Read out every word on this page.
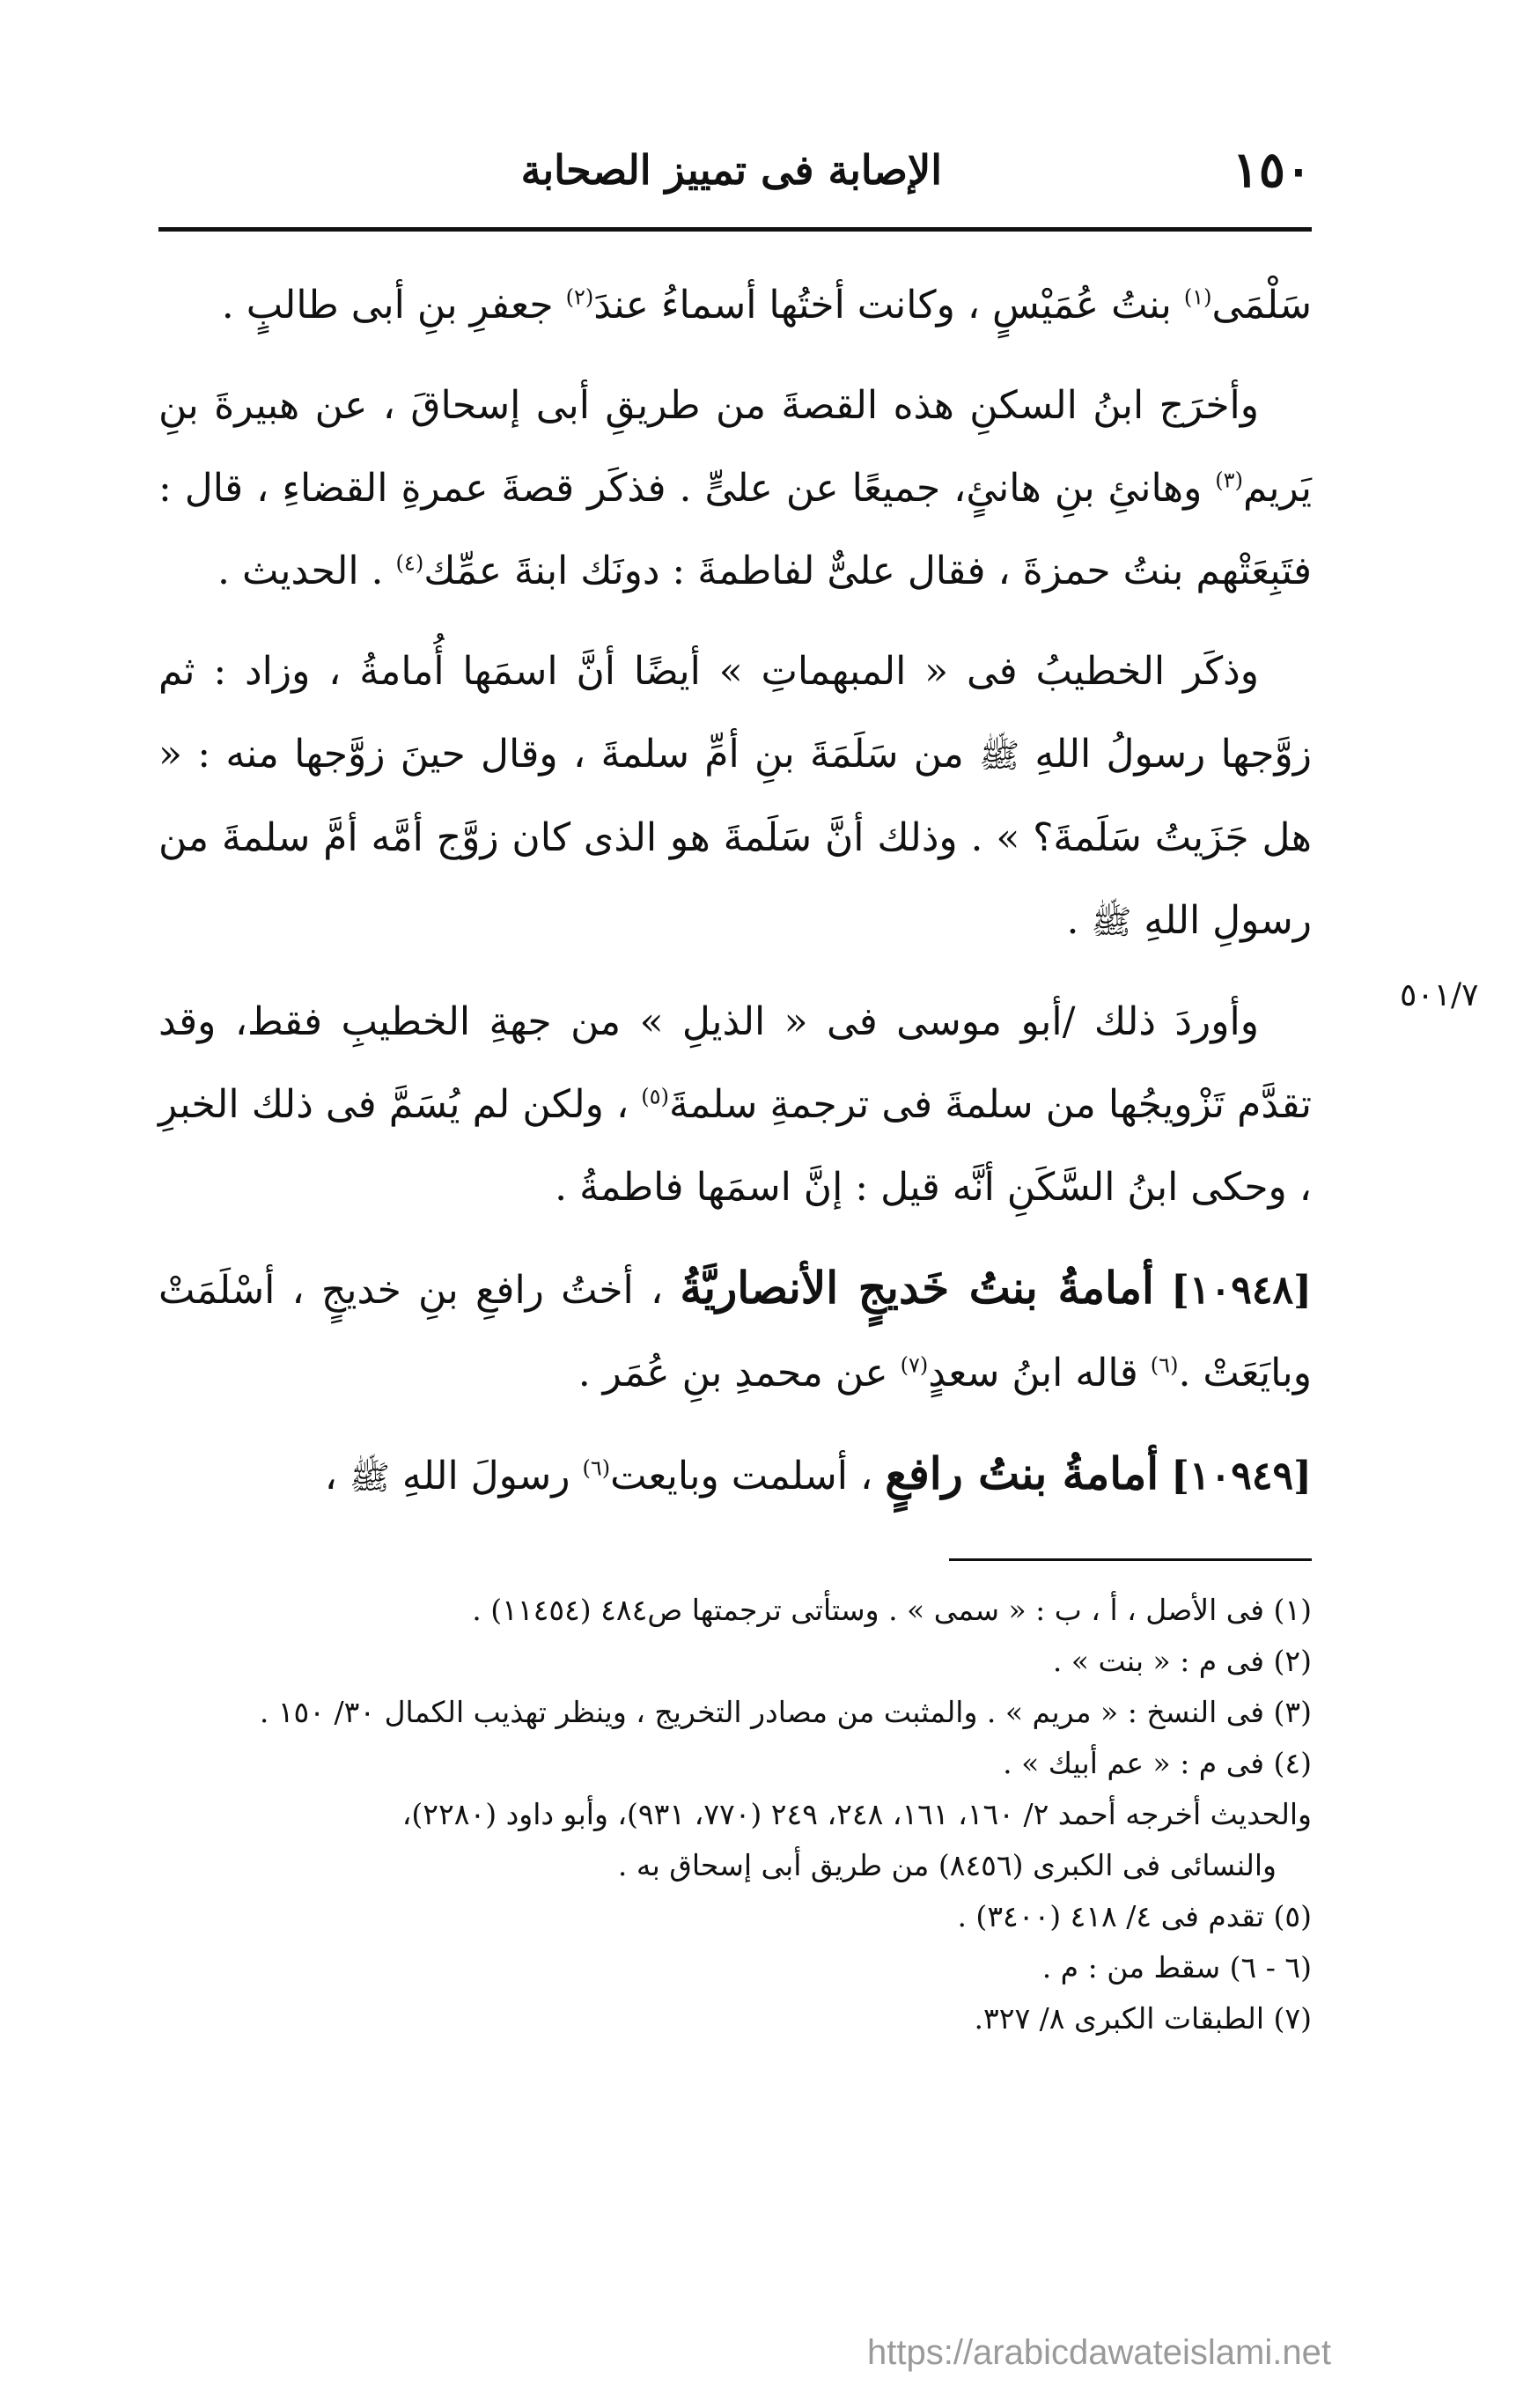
١٥٠
الإصابة فى تمييز الصحابة

سَلْمَى$^{(١)}$ بنتُ عُمَيْسٍ ، وكانت أختُها أسماءُ عندَ$^{(٢)}$ جعفرِ بنِ أبى طالبٍ .

وأخرَج ابنُ السكنِ هذه القصةَ من طريقِ أبى إسحاقَ ، عن هبيرةَ بنِ يَريم$^{(٣)}$ وهانئِ بنِ هانئٍ، جميعًا عن علىٍّ . فذكَر قصةَ عمرةِ القضاءِ ، قال : فتَبِعَتْهم بنتُ حمزةَ ، فقال علىٌّ لفاطمةَ : دونَك ابنةَ عمِّك$^{(٤)}$ . الحديث .

وذكَر الخطيبُ فى « المبهماتِ » أيضًا أنَّ اسمَها أُمامةُ ، وزاد : ثم زوَّجها رسولُ اللهِ ﷺ من سَلَمَةَ بنِ أمِّ سلمةَ ، وقال حينَ زوَّجها منه : « هل جَزَيتُ سَلَمةَ؟ » . وذلك أنَّ سَلَمةَ هو الذى كان زوَّج أمَّه أمَّ سلمةَ من رسولِ اللهِ ﷺ .

وأوردَ ذلك /أبو موسى فى « الذيلِ » من جهةِ الخطيبِ فقط، وقد تقدَّم تَزْويجُها من سلمةَ فى ترجمةِ سلمةَ$^{(٥)}$ ، ولكن لم يُسَمَّ فى ذلك الخبرِ ، وحكى ابنُ السَّكَنِ أنَّه قيل : إنَّ اسمَها فاطمةُ .

[١٠٩٤٨] أمامةُ بنتُ خَديجٍ الأنصاريَّةُ ، أختُ رافعِ بنِ خديجٍ ، أسْلَمَتْ وبايَعَتْ .$^{(٦)}$ قاله ابنُ سعدٍ$^{(٧)}$ عن محمدِ بنِ عُمَر .

[١٠٩٤٩] أمامةُ بنتُ رافعٍ ، أسلمت وبايعت$^{(٦)}$ رسولَ اللهِ ﷺ ،

٥٠١/٧

(١) فى الأصل ، أ ، ب : « سمى » . وستأتى ترجمتها ص٤٨٤ (١١٤٥٤) .

(٢) فى م : « بنت » .

(٣) فى النسخ : « مريم » . والمثبت من مصادر التخريج ، وينظر تهذيب الكمال ٣٠/ ١٥٠ .

(٤) فى م : « عم أبيك » .

والحديث أخرجه أحمد ٢/ ١٦٠، ١٦١، ٢٤٨، ٢٤٩ (٧٧٠، ٩٣١)، وأبو داود (٢٢٨٠)،

والنسائى فى الكبرى (٨٤٥٦) من طريق أبى إسحاق به .

(٥) تقدم فى ٤/ ٤١٨ (٣٤٠٠) .

(٦ - ٦) سقط من : م .

(٧) الطبقات الكبرى ٨/ ٣٢٧.

https://arabicdawateislami.net
